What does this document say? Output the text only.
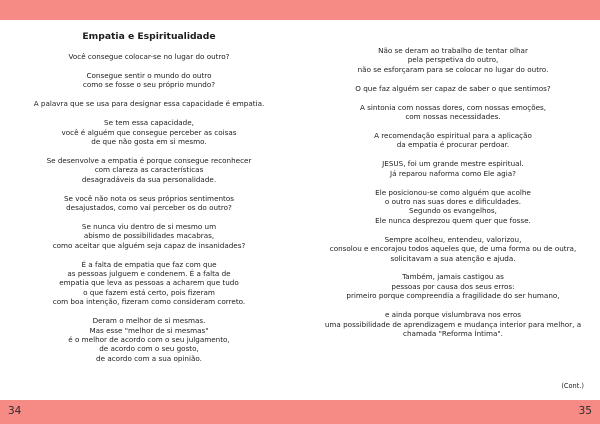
Empatia e Espiritualidade

Você consegue colocar-se no lugar do outro?

Consegue sentir o mundo do outro
como se fosse o seu próprio mundo?

A palavra que se usa para designar essa capacidade é empatia.

Se tem essa capacidade,
você é alguém que consegue perceber as coisas
de que não gosta em si mesmo.

Se desenvolve a empatia é porque consegue reconhecer
com clareza as características
desagradáveis da sua personalidade.

Se você não nota os seus próprios sentimentos
desajustados, como vai perceber os do outro?

Se nunca viu dentro de si mesmo um
abismo de possibilidades macabras,
como aceitar que alguém seja capaz de insanidades?

É a falta de empatia que faz com que
as pessoas julguem e condenem. É a falta de
empatia que leva as pessoas a acharem que tudo
o que fazem está certo, pois fizeram
com boa intenção, fizeram como consideram correto.

Deram o melhor de si mesmas.
Mas esse "melhor de si mesmas"
é o melhor de acordo com o seu julgamento,
de acordo com o seu gosto,
de acordo com a sua opinião.

Não se deram ao trabalho de tentar olhar
pela perspetiva do outro,
não se esforçaram para se colocar no lugar do outro.

O que faz alguém ser capaz de saber o que sentimos?

A sintonia com nossas dores, com nossas emoções,
com nossas necessidades.

A recomendação espiritual para a aplicação
da empatia é procurar perdoar.

JESUS, foi um grande mestre espiritual.
Já reparou naforma como Ele agia?

Ele posicionou-se como alguém que acolhe
o outro nas suas dores e dificuldades.
Segundo os evangelhos,
Ele nunca desprezou quem quer que fosse.

Sempre acolheu, entendeu, valorizou,
consolou e encorajou todos aqueles que, de uma forma ou de outra,
solicitavam a sua atenção e ajuda.

Também, jamais castigou as
pessoas por causa dos seus erros:
primeiro porque compreendia a fragilidade do ser humano,

e ainda porque vislumbrava nos erros
uma possibilidade de aprendizagem e mudança interior para melhor, a
chamada "Reforma Íntima".

(Cont.)
34	35
